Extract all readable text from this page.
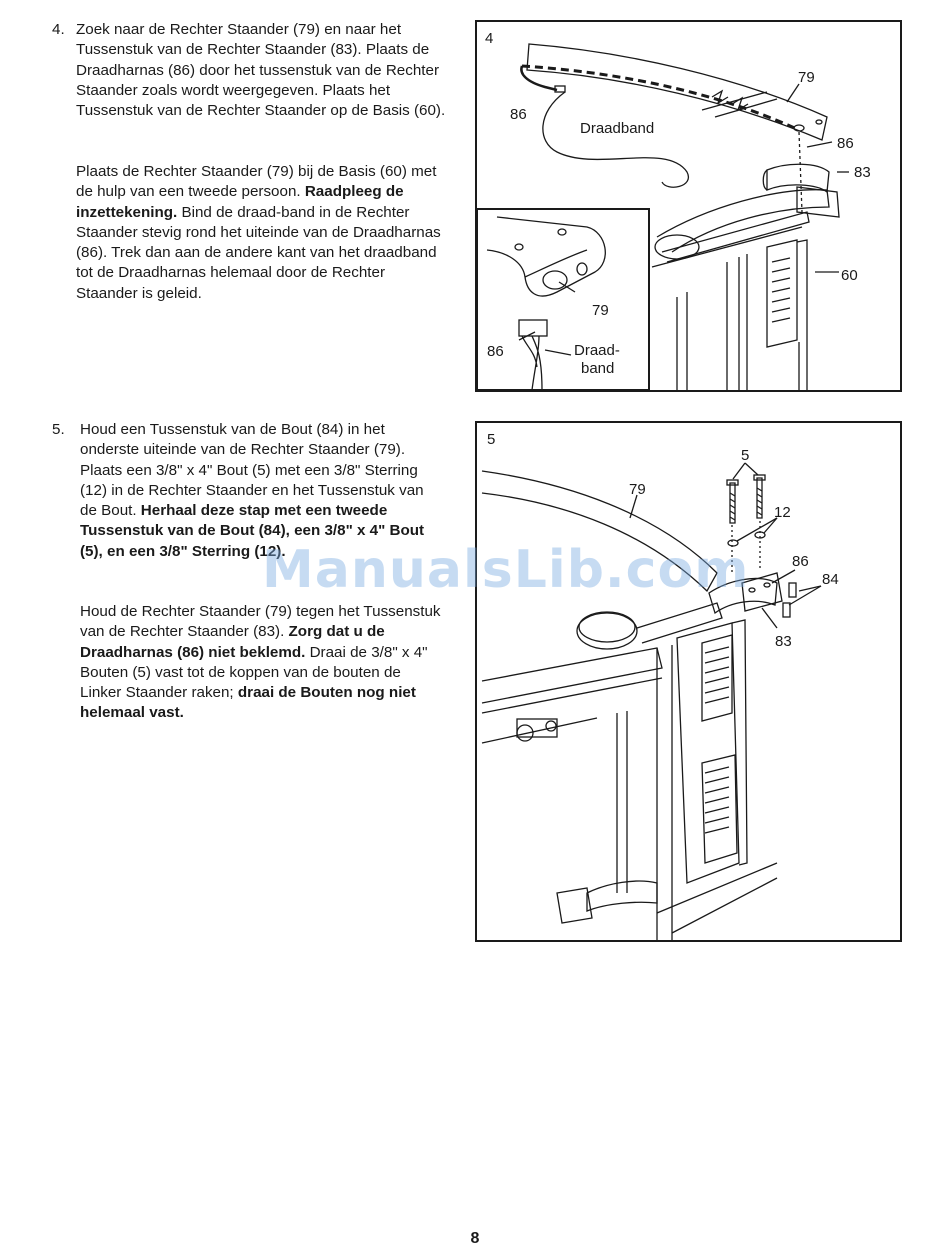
4. Zoek naar de Rechter Staander (79) en naar het Tussenstuk van de Rechter Staander (83). Plaats de Draadharnas (86) door het tussenstuk van de Rechter Staander zoals wordt weergegeven. Plaats het Tussenstuk van de Rechter Staander op de Basis (60).

Plaats de Rechter Staander (79) bij de Basis (60) met de hulp van een tweede persoon. Raadpleeg de inzettekening. Bind de draad-band in de Rechter Staander stevig rond het uiteinde van de Draadharnas (86). Trek dan aan de andere kant van het draadband tot de Draadharnas helemaal door de Rechter Staander is geleid.

4
86
79
Draadband
86
83
60
79
86	Draad-
band
5. Houd een Tussenstuk van de Bout (84) in het onderste uiteinde van de Rechter Staander (79). Plaats een 3/8" x 4" Bout (5) met een 3/8" Sterring (12) in de Rechter Staander en het Tussenstuk van de Bout. Herhaal deze stap met een tweede Tussenstuk van de Bout (84), een 3/8" x 4" Bout (5), en een 3/8" Sterring (12).

Houd de Rechter Staander (79) tegen het Tussenstuk van de Rechter Staander (83). Zorg dat u de Draadharnas (86) niet beklemd. Draai de 3/8" x 4" Bouten (5) vast tot de koppen van de bouten de Linker Staander raken; draai de Bouten nog niet helemaal vast.

5
5
79
12
86
84
83
ManualsLib.com
8
